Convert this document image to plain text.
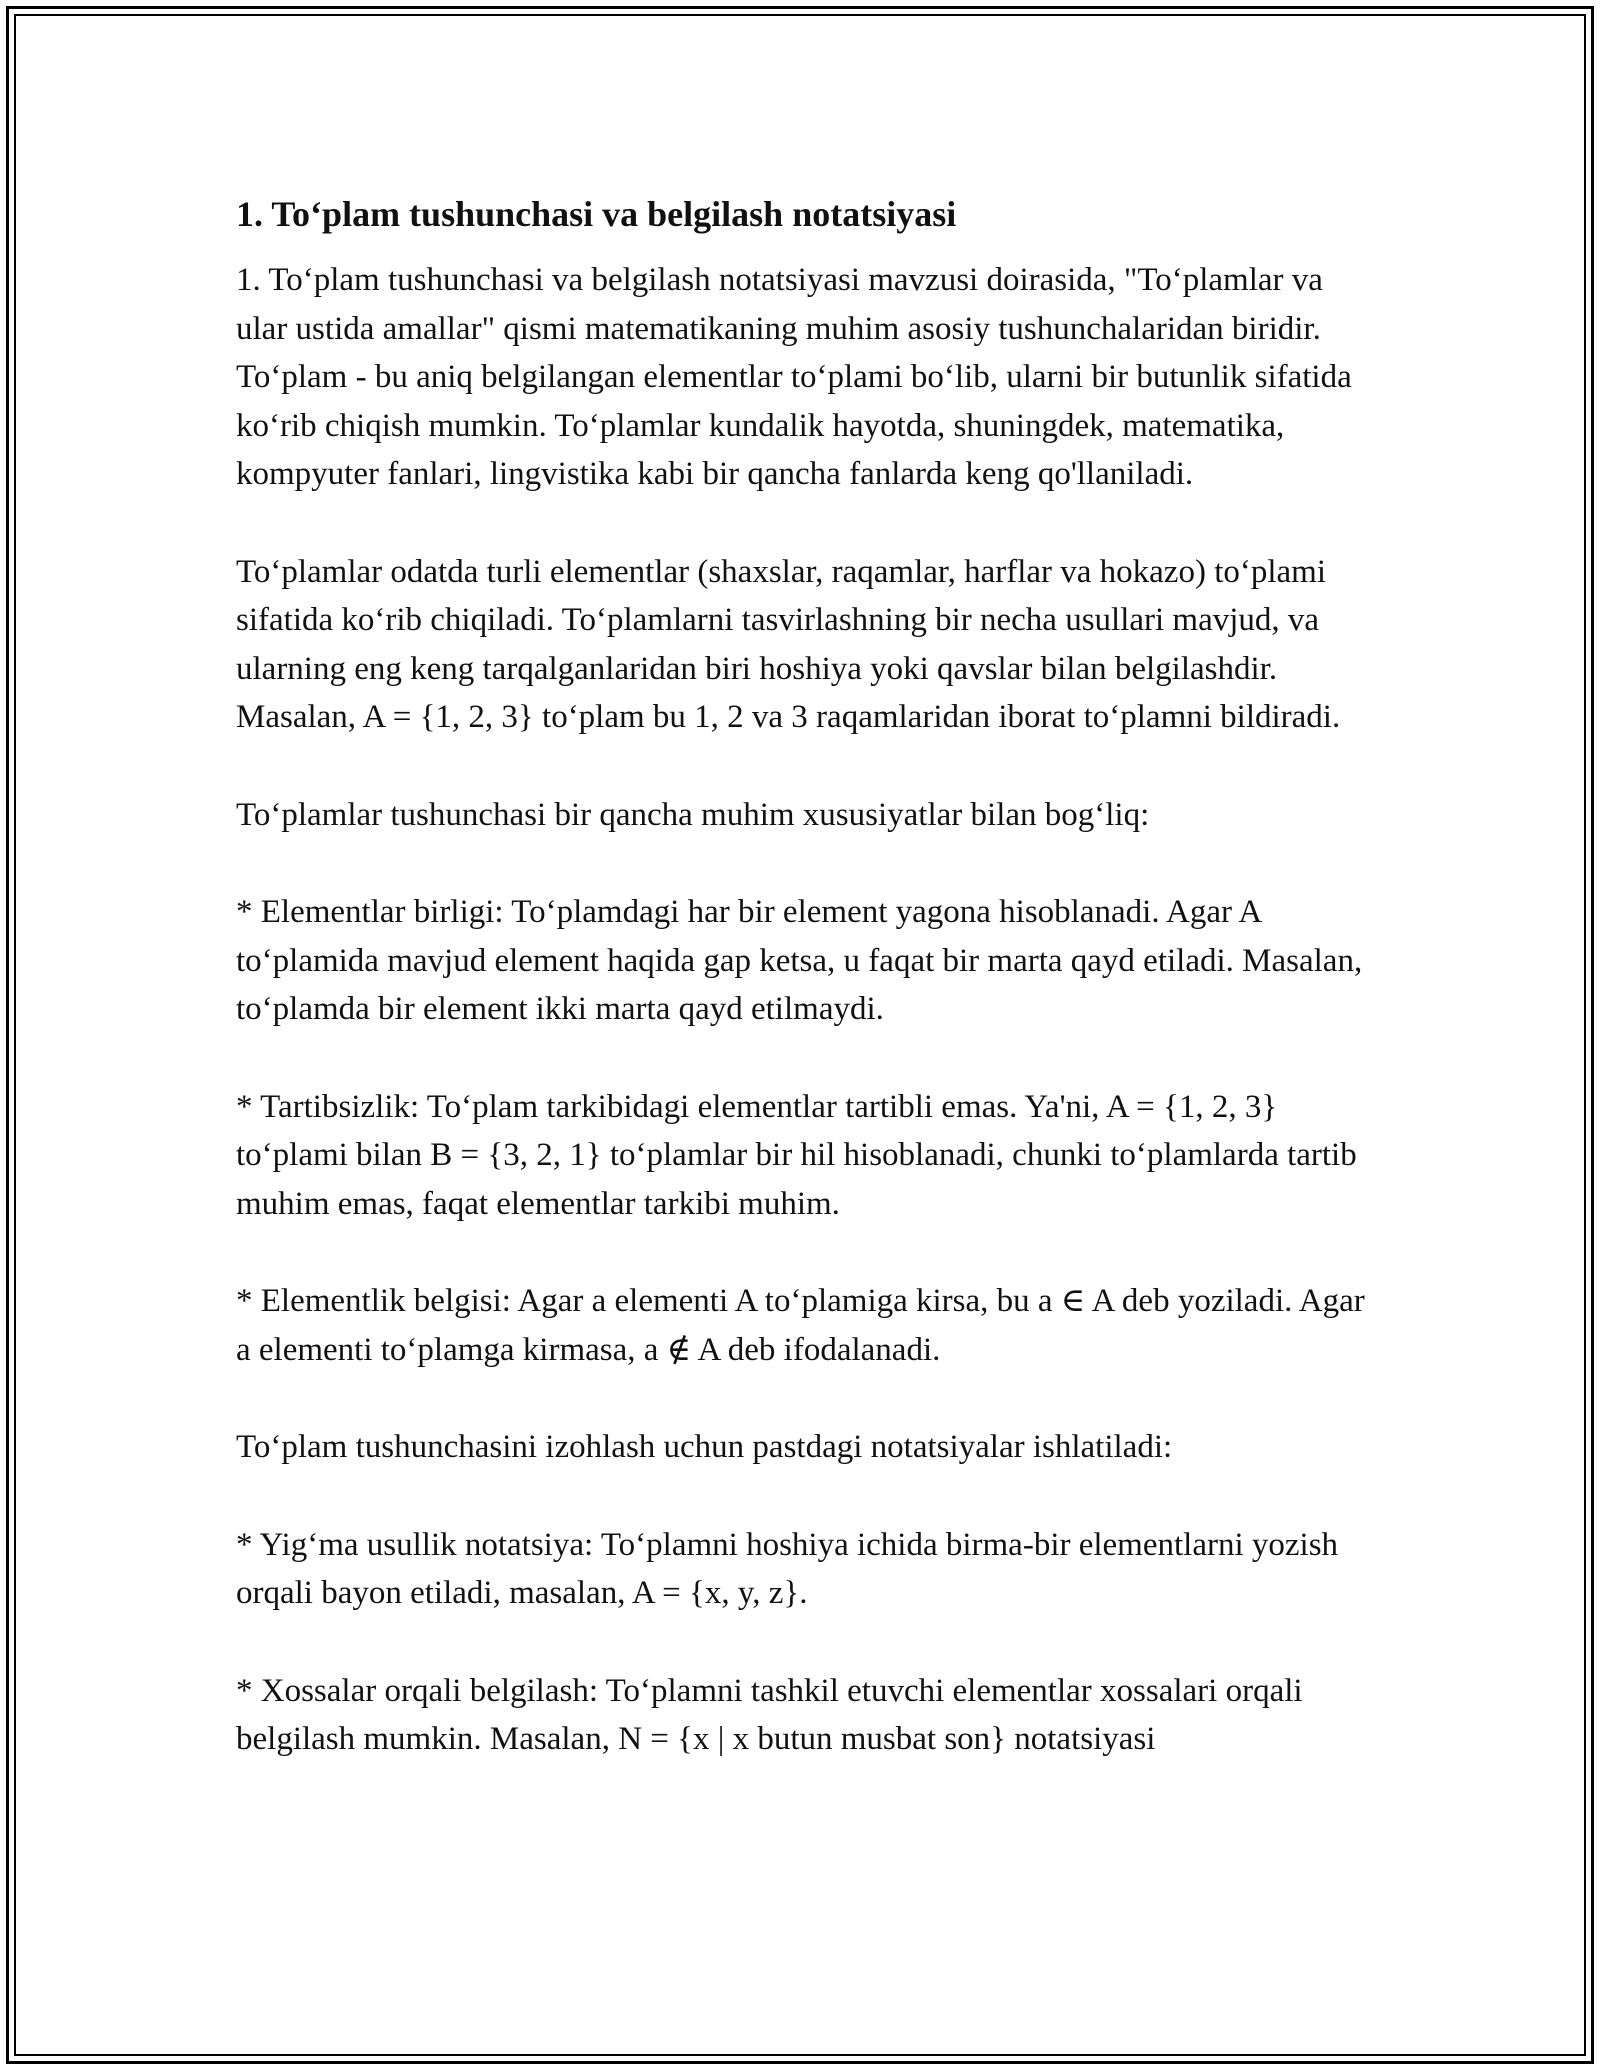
1. To‘plam tushunchasi va belgilash notatsiyasi

1. To‘plam tushunchasi va belgilash notatsiyasi mavzusi doirasida, "To‘plamlar va ular ustida amallar" qismi matematikaning muhim asosiy tushunchalaridan biridir. To‘plam - bu aniq belgilangan elementlar to‘plami bo‘lib, ularni bir butunlik sifatida ko‘rib chiqish mumkin. To‘plamlar kundalik hayotda, shuningdek, matematika, kompyuter fanlari, lingvistika kabi bir qancha fanlarda keng qo'llaniladi.

To‘plamlar odatda turli elementlar (shaxslar, raqamlar, harflar va hokazo) to‘plami sifatida ko‘rib chiqiladi. To‘plamlarni tasvirlashning bir necha usullari mavjud, va ularning eng keng tarqalganlaridan biri hoshiya yoki qavslar bilan belgilashdir. Masalan, A = {1, 2, 3} to‘plam bu 1, 2 va 3 raqamlaridan iborat to‘plamni bildiradi.

To‘plamlar tushunchasi bir qancha muhim xususiyatlar bilan bog‘liq:

* Elementlar birligi: To‘plamdagi har bir element yagona hisoblanadi. Agar A to‘plamida mavjud element haqida gap ketsa, u faqat bir marta qayd etiladi. Masalan, to‘plamda bir element ikki marta qayd etilmaydi.

* Tartibsizlik: To‘plam tarkibidagi elementlar tartibli emas. Ya'ni, A = {1, 2, 3} to‘plami bilan B = {3, 2, 1} to‘plamlar bir hil hisoblanadi, chunki to‘plamlarda tartib muhim emas, faqat elementlar tarkibi muhim.

* Elementlik belgisi: Agar a elementi A to‘plamiga kirsa, bu a ∈ A deb yoziladi. Agar a elementi to‘plamga kirmasa, a ∉ A deb ifodalanadi.

To‘plam tushunchasini izohlash uchun pastdagi notatsiyalar ishlatiladi:

* Yig‘ma usullik notatsiya: To‘plamni hoshiya ichida birma-bir elementlarni yozish orqali bayon etiladi, masalan, A = {x, y, z}.

* Xossalar orqali belgilash: To‘plamni tashkil etuvchi elementlar xossalari orqali belgilash mumkin. Masalan, N = {x | x butun musbat son} notatsiyasi
